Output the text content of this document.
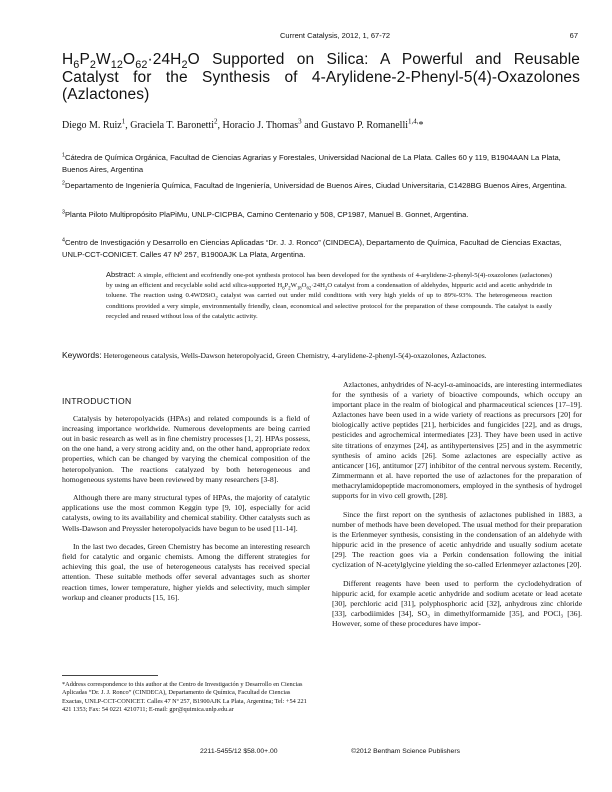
Current Catalysis, 2012, 1, 67-72	67
$H_6P_2W_{12}O_{62}\cdot 24H_2O$ Supported on Silica: A Powerful and Reusable Catalyst for the Synthesis of 4-Arylidene-2-Phenyl-5(4)-Oxazolones (Azlactones)
Diego M. Ruiz$^1$, Graciela T. Baronetti$^2$, Horacio J. Thomas$^3$ and Gustavo P. Romanelli$^{1,4,}$*
$^1$Cátedra de Química Orgánica, Facultad de Ciencias Agrarias y Forestales, Universidad Nacional de La Plata. Calles 60 y 119, B1904AAN La Plata, Buenos Aires, Argentina
$^2$Departamento de Ingeniería Química, Facultad de Ingeniería, Universidad de Buenos Aires, Ciudad Universitaria, C1428BG Buenos Aires, Argentina.
$^3$Planta Piloto Multipropósito PlaPiMu, UNLP-CICPBA, Camino Centenario y 508, CP1987, Manuel B. Gonnet, Argentina.
$^4$Centro de Investigación y Desarrollo en Ciencias Aplicadas “Dr. J. J. Ronco” (CINDECA), Departamento de Química, Facultad de Ciencias Exactas, UNLP-CCT-CONICET. Calles 47 Nº 257, B1900AJK La Plata, Argentina.
Abstract: A simple, efficient and ecofriendly one-pot synthesis protocol has been developed for the synthesis of 4-arylidene-2-phenyl-5(4)-oxazolones (azlactones) by using an efficient and recyclable solid acid silica-supported $H_6P_2W_{18}O_{62}\cdot 24H_2O$ catalyst from a condensation of aldehydes, hippuric acid and acetic anhydride in toluene. The reaction using 0.4WDSiO$_2$ catalyst was carried out under mild conditions with very high yields of up to 89%-93%. The heterogeneous reaction conditions provided a very simple, environmentally friendly, clean, economical and selective protocol for the preparation of these compounds. The catalyst is easily recycled and reused without loss of the catalytic activity.
Keywords: Heterogeneous catalysis, Wells-Dawson heteropolyacid, Green Chemistry, 4-arylidene-2-phenyl-5(4)-oxazolones, Azlactones.
INTRODUCTION

Catalysis by heteropolyacids (HPAs) and related compounds is a field of increasing importance worldwide. Numerous developments are being carried out in basic research as well as in fine chemistry processes [1, 2]. HPAs possess, on the one hand, a very strong acidity and, on the other hand, appropriate redox properties, which can be changed by varying the chemical composition of the heteropolyanion. The reactions catalyzed by both heterogeneous and homogeneous systems have been reviewed by many researchers [3-8].

Although there are many structural types of HPAs, the majority of catalytic applications use the most common Keggin type [9, 10], especially for acid catalysts, owing to its availability and chemical stability. Other catalysts such as Wells-Dawson and Preyssler heteropolyacids have begun to be used [11-14].

In the last two decades, Green Chemistry has become an interesting research field for catalytic and organic chemists. Among the different strategies for achieving this goal, the use of heterogeneous catalysts has received special attention. These suitable methods offer several advantages such as shorter reaction times, lower temperature, higher yields and selectivity, much simpler workup and cleaner products [15, 16].

Azlactones, anhydrides of N-acyl-α-aminoacids, are interesting intermediates for the synthesis of a variety of bioactive compounds, which occupy an important place in the realm of biological and pharmaceutical sciences [17–19]. Azlactones have been used in a wide variety of reactions as precursors [20] for biologically active peptides [21], herbicides and fungicides [22], and as drugs, pesticides and agrochemical intermediates [23]. They have been used in active site titrations of enzymes [24], as antihypertensives [25] and in the asymmetric synthesis of amino acids [26]. Some azlactones are especially active as anticancer [16], antitumor [27] inhibitor of the central nervous system. Recently, Zimmermann et al. have reported the use of azlactones for the preparation of methacrylamidopeptide macromonomers, employed in the synthesis of hydrogel supports for in vivo cell growth, [28].

Since the first report on the synthesis of azlactones published in 1883, a number of methods have been developed. The usual method for their preparation is the Erlenmeyer synthesis, consisting in the condensation of an aldehyde with hippuric acid in the presence of acetic anhydride and usually sodium acetate [29]. The reaction goes via a Perkin condensation following the initial cyclization of N-acetylglycine yielding the so-called Erlenmeyer azlactones [20].

Different reagents have been used to perform the cyclodehydration of hippuric acid, for example acetic anhydride and sodium acetate or lead acetate [30], perchloric acid [31], polyphosphoric acid [32], anhydrous zinc chloride [33], carbodiimides [34], SO₃ in dimethylformamide [35], and POCl₃ [36]. However, some of these procedures have impor-

*Address correspondence to this author at the Centro de Investigación y Desarrollo en Ciencias Aplicadas “Dr. J. J. Ronco” (CINDECA), Departamento de Química, Facultad de Ciencias Exactas, UNLP-CCT-CONICET. Calles 47 Nº 257, B1900AJK La Plata, Argentina; Tel: +54 221 421 1353; Fax: 54 0221 4210711; E-mail: gpr@quimica.unlp.edu.ar
2211-5455/12 $58.00+.00	©2012 Bentham Science Publishers
